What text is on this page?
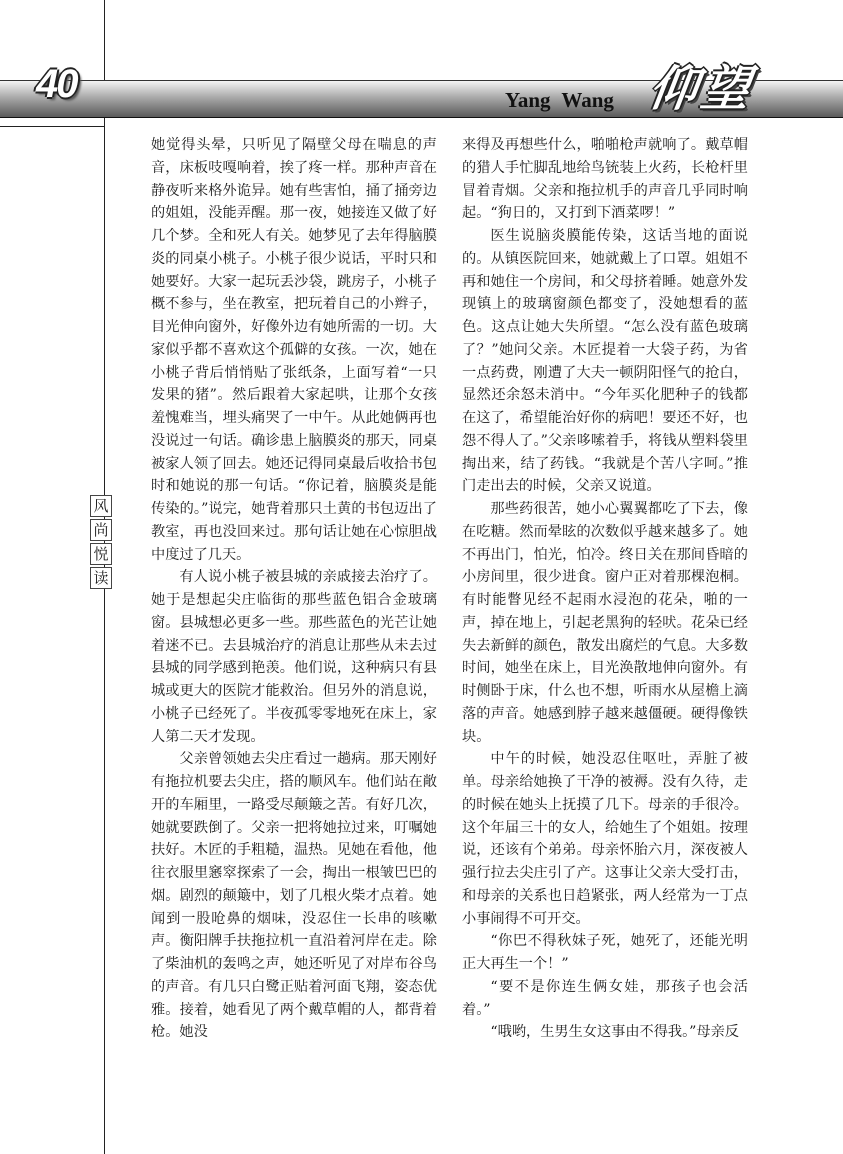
40	Yang Wang 仰望
风
尚
悦
读

她觉得头晕，只听见了隔壁父母在喘息的声音，床板吱嘎响着，挨了疼一样。那种声音在静夜听来格外诡异。她有些害怕，捅了捅旁边的姐姐，没能弄醒。那一夜，她接连又做了好几个梦。全和死人有关。她梦见了去年得脑膜炎的同桌小桃子。小桃子很少说话，平时只和她要好。大家一起玩丢沙袋，跳房子，小桃子概不参与，坐在教室，把玩着自己的小辫子，目光伸向窗外，好像外边有她所需的一切。大家似乎都不喜欢这个孤僻的女孩。一次，她在小桃子背后悄悄贴了张纸条，上面写着“一只发果的猪”。然后跟着大家起哄，让那个女孩羞愧难当，埋头痛哭了一中午。从此她俩再也没说过一句话。确诊患上脑膜炎的那天，同桌被家人领了回去。她还记得同桌最后收拾书包时和她说的那一句话。“你记着，脑膜炎是能传染的。”说完，她背着那只土黄的书包迈出了教室，再也没回来过。那句话让她在心惊胆战中度过了几天。

有人说小桃子被县城的亲戚接去治疗了。她于是想起尖庄临街的那些蓝色铝合金玻璃窗。县城想必更多一些。那些蓝色的光芒让她着迷不已。去县城治疗的消息让那些从未去过县城的同学感到艳羡。他们说，这种病只有县城或更大的医院才能救治。但另外的消息说，小桃子已经死了。半夜孤零零地死在床上，家人第二天才发现。

父亲曾领她去尖庄看过一趟病。那天刚好有拖拉机要去尖庄，搭的顺风车。他们站在敞开的车厢里，一路受尽颠簸之苦。有好几次，她就要跌倒了。父亲一把将她拉过来，叮嘱她扶好。木匠的手粗糙，温热。见她在看他，他往衣服里窸窣探索了一会，掏出一根皱巴巴的烟。剧烈的颠簸中，划了几根火柴才点着。她闻到一股呛鼻的烟味，没忍住一长串的咳嗽声。衡阳牌手扶拖拉机一直沿着河岸在走。除了柴油机的轰鸣之声，她还听见了对岸布谷鸟的声音。有几只白鹭正贴着河面飞翔，姿态优雅。接着，她看见了两个戴草帽的人，都背着枪。她没

来得及再想些什么，啪啪枪声就响了。戴草帽的猎人手忙脚乱地给鸟铳装上火药，长枪杆里冒着青烟。父亲和拖拉机手的声音几乎同时响起。“狗日的，又打到下酒菜啰！”

医生说脑炎膜能传染，这话当地的面说的。从镇医院回来，她就戴上了口罩。姐姐不再和她住一个房间，和父母挤着睡。她意外发现镇上的玻璃窗颜色都变了，没她想看的蓝色。这点让她大失所望。“怎么没有蓝色玻璃了？”她问父亲。木匠提着一大袋子药，为省一点药费，刚遭了大夫一顿阴阳怪气的抢白，显然还余怒未消中。“今年买化肥种子的钱都在这了，希望能治好你的病吧！要还不好，也怨不得人了。”父亲哆嗦着手，将钱从塑料袋里掏出来，结了药钱。“我就是个苦八字呵。”推门走出去的时候，父亲又说道。

那些药很苦，她小心翼翼都吃了下去，像在吃糖。然而晕眩的次数似乎越来越多了。她不再出门，怕光，怕冷。终日关在那间昏暗的小房间里，很少进食。窗户正对着那棵泡桐。有时能瞥见经不起雨水浸泡的花朵，啪的一声，掉在地上，引起老黑狗的轻吠。花朵已经失去新鲜的颜色，散发出腐烂的气息。大多数时间，她坐在床上，目光涣散地伸向窗外。有时侧卧于床，什么也不想，听雨水从屋檐上滴落的声音。她感到脖子越来越僵硬。硬得像铁块。

中午的时候，她没忍住呕吐，弄脏了被单。母亲给她换了干净的被褥。没有久待，走的时候在她头上抚摸了几下。母亲的手很冷。这个年届三十的女人，给她生了个姐姐。按理说，还该有个弟弟。母亲怀胎六月，深夜被人强行拉去尖庄引了产。这事让父亲大受打击，和母亲的关系也日趋紧张，两人经常为一丁点小事闹得不可开交。

“你巴不得秋妹子死，她死了，还能光明正大再生一个！”

“要不是你连生俩女娃，那孩子也会活着。”

“哦哟，生男生女这事由不得我。”母亲反
